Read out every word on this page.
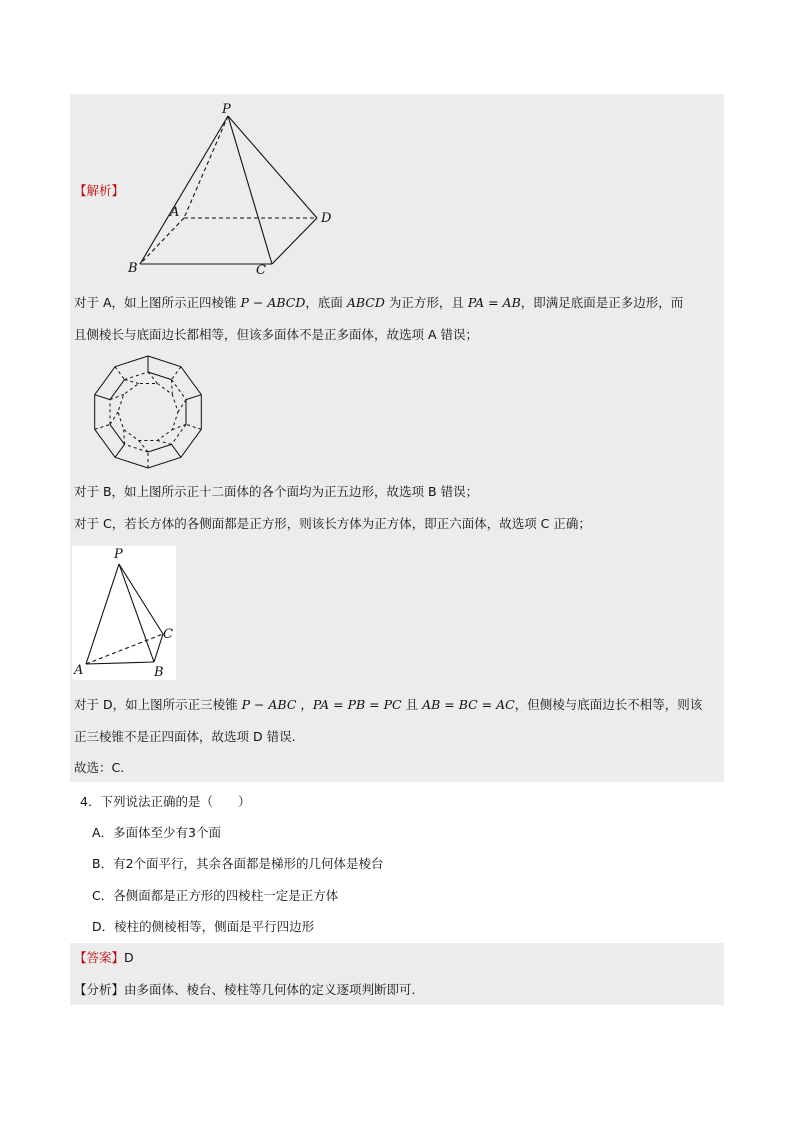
P
A
B	C
D
【解析】
对于 A，如上图所示正四棱锥 P − ABCD，底面 ABCD 为正方形，且 PA = AB，即满足底面是正多边形，而
且侧棱长与底面边长都相等，但该多面体不是正多面体，故选项 A 错误；
对于 B，如上图所示正十二面体的各个面均为正五边形，故选项 B 错误；
对于 C，若长方体的各侧面都是正方形，则该长方体为正方体，即正六面体，故选项 C 正确；
P
A	B
C
对于 D，如上图所示正三棱锥 P − ABC ，PA = PB = PC 且 AB = BC = AC，但侧棱与底面边长不相等，则该
正三棱锥不是正四面体，故选项 D 错误.
故选：C.
4．下列说法正确的是（　　）
A．多面体至少有3个面
B．有2个面平行，其余各面都是梯形的几何体是棱台
C．各侧面都是正方形的四棱柱一定是正方体
D．棱柱的侧棱相等，侧面是平行四边形
【答案】D
【分析】由多面体、棱台、棱柱等几何体的定义逐项判断即可.
